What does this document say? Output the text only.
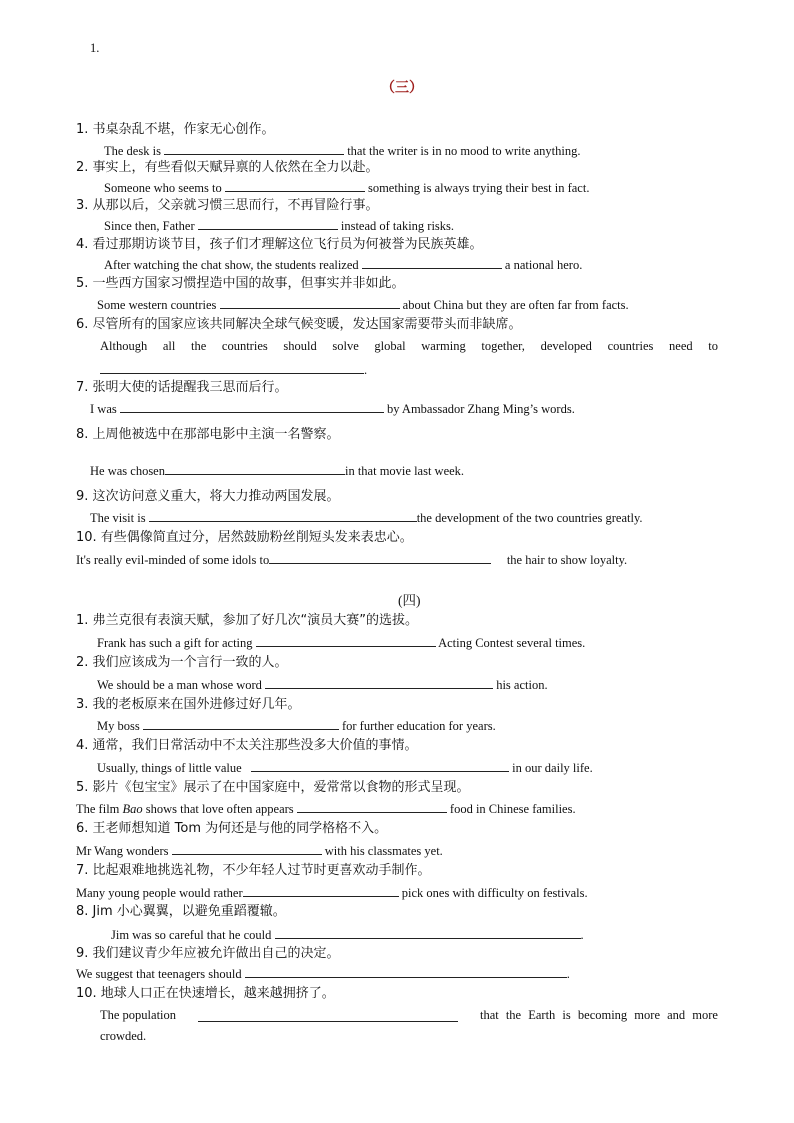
1.
（三）
1. 书桌杂乱不堪，作家无心创作。
The desk is	that the writer is in no mood to write anything.
2. 事实上，有些看似天赋异禀的人依然在全力以赴。
Someone who seems to	something is always trying their best in fact.
3. 从那以后，父亲就习惯三思而行，不再冒险行事。
Since then, Father	instead of taking risks.
4. 看过那期访谈节目，孩子们才理解这位飞行员为何被誉为民族英雄。
After watching the chat show, the students realized	a national hero.
5. 一些西方国家习惯捏造中国的故事，但事实并非如此。
Some western countries	about China but they are often far from facts.
6. 尽管所有的国家应该共同解决全球气候变暖，发达国家需要带头而非缺席。
Although all the countries should solve global warming together, developed countries need to
.
7. 张明大使的话提醒我三思而后行。
I was	by Ambassador Zhang Ming’s words.
8. 上周他被选中在那部电影中主演一名警察。
He was chosen	in that movie last week.
9. 这次访问意义重大，将大力推动两国发展。
The visit is	the development of the two countries greatly.
10. 有些偶像简直过分，居然鼓励粉丝削短头发来表忠心。
It's really evil-minded of some idols to	the hair to show loyalty.
(四)
1. 弗兰克很有表演天赋，参加了好几次“演员大赛”的选拔。
Frank has such a gift for acting	Acting Contest several times.
2. 我们应该成为一个言行一致的人。
We should be a man whose word	his action.
3. 我的老板原来在国外进修过好几年。
My boss	for further education for years.
4. 通常，我们日常活动中不太关注那些没多大价值的事情。
Usually, things of little value	in our daily life.
5. 影片《包宝宝》展示了在中国家庭中，爱常常以食物的形式呈现。
The film Bao shows that love often appears	food in Chinese families.
6. 王老师想知道 Tom 为何还是与他的同学格格不入。
Mr Wang wonders	with his classmates yet.
7. 比起艰难地挑选礼物，不少年轻人过节时更喜欢动手制作。
Many young people would rather	pick ones with difficulty on festivals.
8. Jim 小心翼翼，以避免重蹈覆辙。
Jim was so careful that he could	.
9. 我们建议青少年应被允许做出自己的决定。
We suggest that teenagers should	.
10. 地球人口正在快速增长，越来越拥挤了。
The population	that the Earth is becoming more and more
crowded.
